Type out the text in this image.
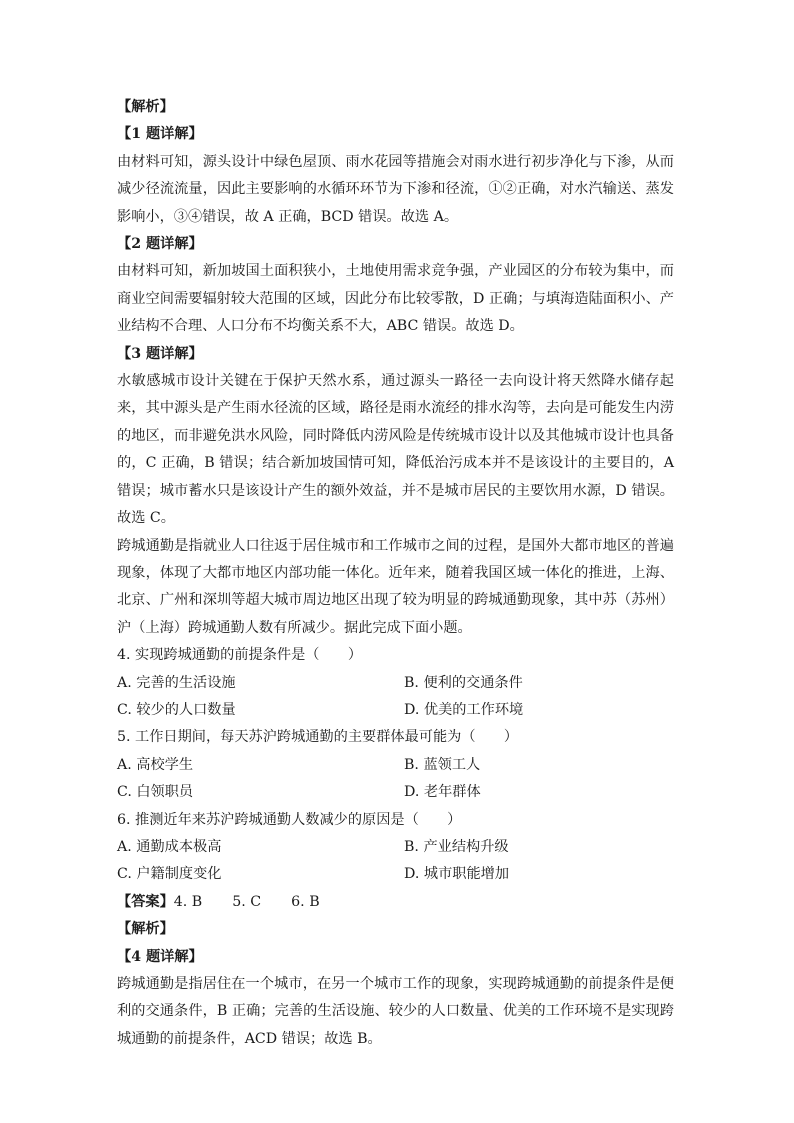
【解析】
【1 题详解】
由材料可知，源头设计中绿色屋顶、雨水花园等措施会对雨水进行初步净化与下渗，从而减少径流流量，因此主要影响的水循环环节为下渗和径流，①②正确，对水汽输送、蒸发影响小，③④错误，故 A 正确，BCD 错误。故选 A。
【2 题详解】
由材料可知，新加坡国土面积狭小，土地使用需求竞争强，产业园区的分布较为集中，而商业空间需要辐射较大范围的区域，因此分布比较零散，D 正确；与填海造陆面积小、产业结构不合理、人口分布不均衡关系不大，ABC 错误。故选 D。
【3 题详解】
水敏感城市设计关键在于保护天然水系，通过源头一路径一去向设计将天然降水储存起来，其中源头是产生雨水径流的区域，路径是雨水流经的排水沟等，去向是可能发生内涝的地区，而非避免洪水风险，同时降低内涝风险是传统城市设计以及其他城市设计也具备的，C 正确，B 错误；结合新加坡国情可知，降低治污成本并不是该设计的主要目的，A 错误；城市蓄水只是该设计产生的额外效益，并不是城市居民的主要饮用水源，D 错误。故选 C。
跨城通勤是指就业人口往返于居住城市和工作城市之间的过程，是国外大都市地区的普遍现象，体现了大都市地区内部功能一体化。近年来，随着我国区域一体化的推进，上海、北京、广州和深圳等超大城市周边地区出现了较为明显的跨城通勤现象，其中苏（苏州）沪（上海）跨城通勤人数有所减少。据此完成下面小题。
4. 实现跨城通勤的前提条件是（　　）
A. 完善的生活设施	B. 便利的交通条件
C. 较少的人口数量	D. 优美的工作环境
5. 工作日期间，每天苏沪跨城通勤的主要群体最可能为（　　）
A. 高校学生	B. 蓝领工人
C. 白领职员	D. 老年群体
6. 推测近年来苏沪跨城通勤人数减少的原因是（　　）
A. 通勤成本极高	B. 产业结构升级
C. 户籍制度变化	D. 城市职能增加
【答案】4. B 5. C 6. B
【解析】
【4 题详解】
跨城通勤是指居住在一个城市，在另一个城市工作的现象，实现跨城通勤的前提条件是便利的交通条件，B 正确；完善的生活设施、较少的人口数量、优美的工作环境不是实现跨城通勤的前提条件，ACD 错误；故选 B。
